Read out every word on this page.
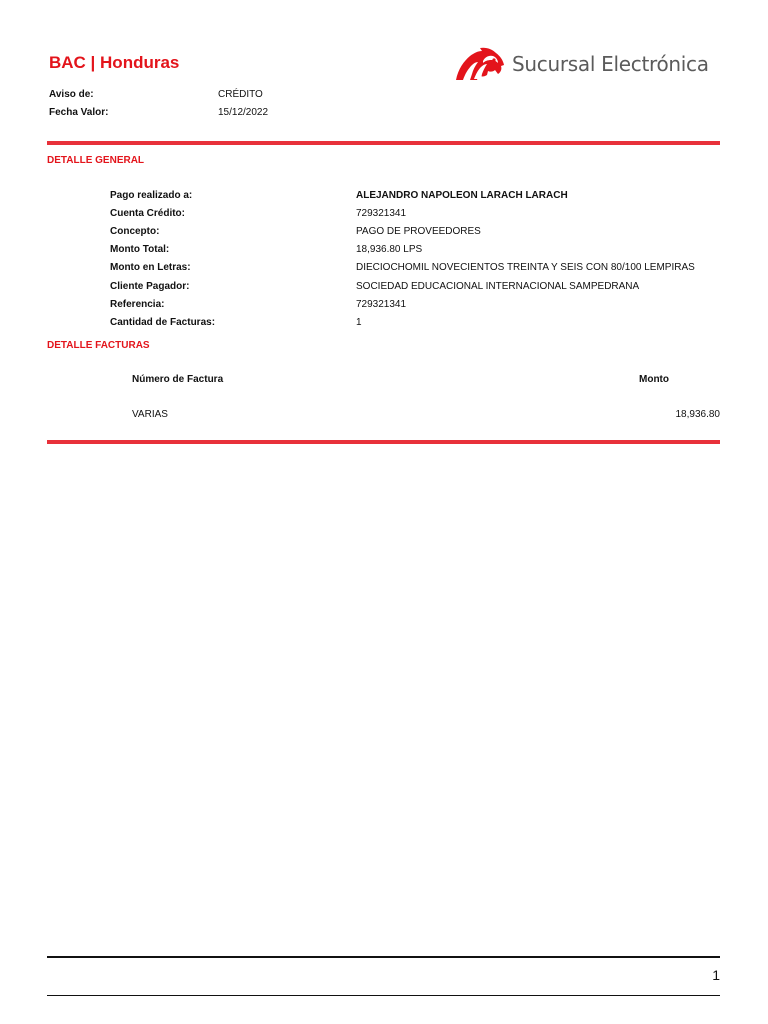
BAC | Honduras	Sucursal Electrónica
Aviso de:	CRÉDITO
Fecha Valor:	15/12/2022
DETALLE GENERAL
Pago realizado a:	ALEJANDRO NAPOLEON LARACH LARACH
Cuenta Crédito:	729321341
Concepto:	PAGO DE PROVEEDORES
Monto Total:	18,936.80 LPS
Monto en Letras:	DIECIOCHOMIL NOVECIENTOS TREINTA Y SEIS CON 80/100 LEMPIRAS
Cliente Pagador:	SOCIEDAD EDUCACIONAL INTERNACIONAL SAMPEDRANA
Referencia:	729321341
Cantidad de Facturas:	1
DETALLE FACTURAS
Número de Factura	Monto
VARIAS	18,936.80
1
